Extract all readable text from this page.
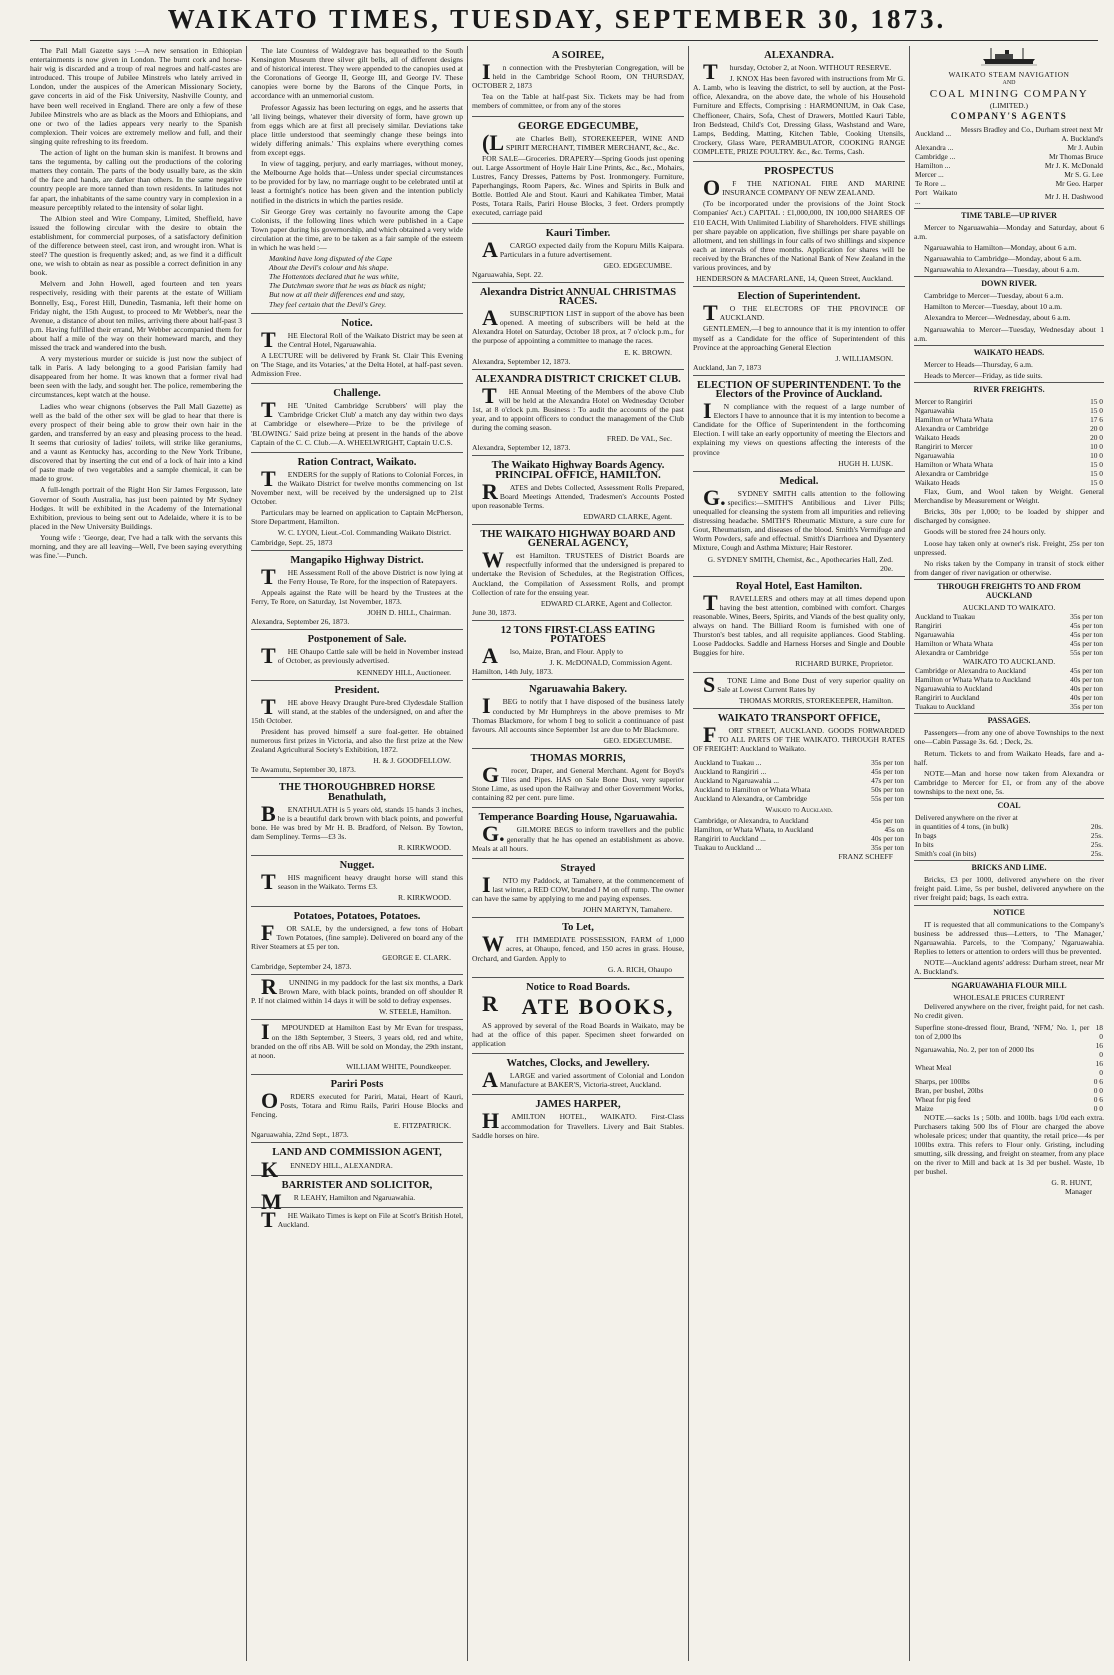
WAIKATO TIMES, TUESDAY, SEPTEMBER 30, 1873.

The Pall Mall Gazette says :—A new sensation in Ethiopian entertainments is now given in London. The burnt cork and horse-hair wig is discarded and a troup of real negroes and half-castes are introduced. This troupe of Jubilee Minstrels who lately arrived in London, under the auspices of the American Missionary Society, gave concerts in aid of the Fisk University, Nashville County, and have been well received in England. There are only a few of these Jubilee Minstrels who are as black as the Moors and Ethiopians, and one or two of the ladies appears very nearly to the Spanish complexion. Their voices are extremely mellow and full, and their singing quite refreshing to its freedom.

The action of light on the human skin is manifest. It browns and tans the tegumenta, by calling out the productions of the coloring matters they contain. The parts of the body usually bare, as the skin of the face and hands, are darker than others. In the same negative country people are more tanned than town residents. In latitudes not far apart, the inhabitants of the same country vary in complexion in a measure perceptibly related to the intensity of solar light.

The Albion steel and Wire Company, Limited, Sheffield, have issued the following circular with the desire to obtain the establishment, for commercial purposes, of a satisfactory definition of the difference between steel, cast iron, and wrought iron. What is steel? The question is frequently asked; and, as we find it a difficult one, we wish to obtain as near as possible a correct definition in any book.

Melvern and John Howell, aged fourteen and ten years respectively, residing with their parents at the estate of William Bonnelly, Esq., Forest Hill, Dunedin, Tasmania, left their home on Friday night, the 15th August, to proceed to Mr Webber's, near the Avenue, a distance of about ten miles, arriving there about half-past 3 p.m. Having fulfilled their errand, Mr Webber accompanied them for about half a mile of the way on their homeward march, and they missed the track and wandered into the bush.

A very mysterious murder or suicide is just now the subject of talk in Paris. A lady belonging to a good Parisian family had disappeared from her home. It was known that a former rival had been seen with the lady, and sought her. The police, remembering the circumstances, kept watch at the house.

Ladies who wear chignons (observes the Pall Mall Gazette) as well as the bald of the other sex will be glad to hear that there is every prospect of their being able to grow their own hair in the garden, and transferred by an easy and pleasing process to the head. It seems that curiosity of ladies' toilets, will strike like geraniums, and a vaunt as Kentucky has, according to the New York Tribune, discovered that by inserting the cut end of a lock of hair into a kind of paste made of two vegetables and a sample chemical, it can be made to grow.

A full-length portrait of the Right Hon Sir James Fergusson, late Governor of South Australia, has just been painted by Mr Sydney Hodges. It will be exhibited in the Academy of the International Exhibition, previous to being sent out to Adelaide, where it is to be placed in the New University Buildings.

Young wife : 'George, dear, I've had a talk with the servants this morning, and they are all leaving—Well, I've been saying everything was fine.'—Punch.

The late Countess of Waldegrave has bequeathed to the South Kensington Museum three silver gilt bells, all of different designs and of historical interest. They were appended to the canopies used at the Coronations of George II, George III, and George IV. These canopies were borne by the Barons of the Cinque Ports, in accordance with an unmemorial custom.

Professor Agassiz has been lecturing on eggs, and he asserts that 'all living beings, whatever their diversity of form, have grown up from eggs which are at first all precisely similar. Deviations take place little understood that seemingly change these beings into widely differing animals.' This explains where everything comes from except eggs.

In view of tagging, perjury, and early marriages, without money, the Melbourne Age holds that—Unless under special circumstances to be provided for by law, no marriage ought to be celebrated until at least a fortnight's notice has been given and the intention publicly notified in the districts in which the parties reside.

Sir George Grey was certainly no favourite among the Cape Colonists, if the following lines which were published in a Cape Town paper during his governorship, and which obtained a very wide circulation at the time, are to be taken as a fair sample of the esteem in which he was held :—

Mankind have long disputed of the Cape
About the Devil's colour and his shape.
The Hottentots declared that he was white,
The Dutchman swore that he was as black as night;
But now at all their differences end and stay,
They feel certain that the Devil's Grey.
Notice.

THE Electoral Roll of the Waikato District may be seen at the Central Hotel, Ngaruawahia.

A LECTURE will be delivered by Frank St. Clair This Evening on 'The Stage, and its Votaries,' at the Delta Hotel, at half-past seven. Admission Free.

Challenge.

THE 'United Cambridge Scrubbers' will play the 'Cambridge Cricket Club' a match any day within two days at Cambridge or elsewhere—Prize to be the privilege of 'BLOWING.' Said prize being at present in the hands of the above Captain of the C. C. Club.—A. WHEELWRIGHT, Captain U.C.S.

Ration Contract, Waikato.

TENDERS for the supply of Rations to Colonial Forces, in the Waikato District for twelve months commencing on 1st November next, will be received by the undersigned up to 21st October.

Particulars may be learned on application to Captain McPherson, Store Department, Hamilton.

W. C. LYON, Lieut.-Col. Commanding Waikato District.
Cambridge, Sept. 25, 1873
Mangapiko Highway District.

THE Assessment Roll of the above District is now lying at the Ferry House, Te Rore, for the inspection of Ratepayers.

Appeals against the Rate will be heard by the Trustees at the Ferry, Te Rore, on Saturday, 1st November, 1873.

JOHN D. HILL, Chairman.
Alexandra, September 26, 1873.
Postponement of Sale.

THE Ohaupo Cattle sale will be held in November instead of October, as previously advertised.

KENNEDY HILL, Auctioneer.
President.

THE above Heavy Draught Pure-bred Clydesdale Stallion will stand, at the stables of the undersigned, on and after the 15th October.

President has proved himself a sure foal-getter. He obtained numerous first prizes in Victoria, and also the first prize at the New Zealand Agricultural Society's Exhibition, 1872.

H. & J. GOODFELLOW.
Te Awamutu, September 30, 1873.
THE THOROUGHBRED HORSE Benathulath,

BENATHULATH is 5 years old, stands 15 hands 3 inches, he is a beautiful dark brown with black points, and powerful bone. He was bred by Mr H. B. Bradford, of Nelson. By Towton, dam Sempliney. Terms—£3 3s.

R. KIRKWOOD.
Nugget.

THIS magnificent heavy draught horse will stand this season in the Waikato. Terms £3.

R. KIRKWOOD.
Potatoes, Potatoes, Potatoes.

FOR SALE, by the undersigned, a few tons of Hobart Town Potatoes, (fine sample). Delivered on board any of the River Steamers at £5 per ton.

GEORGE E. CLARK.
Cambridge, September 24, 1873.

RUNNING in my paddock for the last six months, a Dark Brown Mare, with black points, branded on off shoulder R P. If not claimed within 14 days it will be sold to defray expenses.

W. STEELE, Hamilton.

IMPOUNDED at Hamilton East by Mr Evan for trespass, on the 18th September, 3 Steers, 3 years old, red and white, branded on the off ribs AB. Will be sold on Monday, the 29th instant, at noon.

WILLIAM WHITE, Poundkeeper.
Pariri Posts

ORDERS executed for Pariri, Matai, Heart of Kauri, Posts, Totara and Rimu Rails, Pariri House Blocks and Fencing.

E. FITZPATRICK.
Ngaruawahia, 22nd Sept., 1873.
LAND AND COMMISSION AGENT,

KENNEDY HILL, ALEXANDRA.

BARRISTER AND SOLICITOR,

MR LEAHY, Hamilton and Ngaruawahia.

THE Waikato Times is kept on File at Scott's British Hotel, Auckland.

A SOIREE,

In connection with the Presbyterian Congregation, will be held in the Cambridge School Room, ON THURSDAY, OCTOBER 2, 1873

Tea on the Table at half-past Six. Tickets may be had from members of committee, or from any of the stores

GEORGE EDGECUMBE,

(Late Charles Bell), STOREKEEPER, WINE AND SPIRIT MERCHANT, TIMBER MERCHANT, &c., &c.

FOR SALE—Groceries. DRAPERY—Spring Goods just opening out. Large Assortment of Hoyle Hair Line Prints, &c., &c., Mohairs, Lustres, Fancy Dresses, Patterns by Post. Ironmongery. Furniture, Paperhangings, Room Papers, &c. Wines and Spirits in Bulk and Bottle. Bottled Ale and Stout. Kauri and Kahikatea Timber, Matai Posts, Totara Rails, Pariri House Blocks, 3 feet. Orders promptly executed, carriage paid

Kauri Timber.

ACARGO expected daily from the Kopuru Mills Kaipara. Particulars in a future advertisement.

GEO. EDGECUMBE.
Ngaruawahia, Sept. 22.
Alexandra District ANNUAL CHRISTMAS RACES.

ASUBSCRIPTION LIST in support of the above has been opened. A meeting of subscribers will be held at the Alexandra Hotel on Saturday, October 18 prox, at 7 o'clock p.m., for the purpose of appointing a committee to manage the races.

E. K. BROWN.
Alexandra, September 12, 1873.
ALEXANDRA DISTRICT CRICKET CLUB.

THE Annual Meeting of the Members of the above Club will be held at the Alexandra Hotel on Wednesday October 1st, at 8 o'clock p.m. Business : To audit the accounts of the past year, and to appoint officers to conduct the management of the Club during the coming season.

FRED. De VAL, Sec.
Alexandra, September 12, 1873.
The Waikato Highway Boards Agency. PRINCIPAL OFFICE, HAMILTON.

RATES and Debts Collected, Assessment Rolls Prepared, Board Meetings Attended, Tradesmen's Accounts Posted upon reasonable Terms.

EDWARD CLARKE, Agent.
THE WAIKATO HIGHWAY BOARD AND GENERAL AGENCY,

West Hamilton. TRUSTEES of District Boards are respectfully informed that the undersigned is prepared to undertake the Revision of Schedules, at the Registration Offices, Auckland, the Compilation of Assessment Rolls, and prompt Collection of rate for the ensuing year.

EDWARD CLARKE, Agent and Collector.
June 30, 1873.
12 TONS FIRST-CLASS EATING POTATOES

Also, Maize, Bran, and Flour. Apply to

J. K. McDONALD, Commission Agent.
Hamilton, 14th July, 1873.
Ngaruawahia Bakery.

IBEG to notify that I have disposed of the business lately conducted by Mr Humphreys in the above premises to Mr Thomas Blackmore, for whom I beg to solicit a continuance of past favours. All accounts since September 1st are due to Mr Blackmore.

GEO. EDGECUMBE.
THOMAS MORRIS,

Grocer, Draper, and General Merchant. Agent for Boyd's Tiles and Pipes. HAS on Sale Bone Dust, very superior Stone Lime, as used upon the Railway and other Government Works, containing 82 per cent. pure lime.

Temperance Boarding House, Ngaruawahia.

G.GILMORE BEGS to inform travellers and the public generally that he has opened an establishment as above. Meals at all hours.

Strayed

INTO my Paddock, at Tamahere, at the commencement of last winter, a RED COW, branded J M on off rump. The owner can have the same by applying to me and paying expenses.

JOHN MARTYN, Tamahere.
To Let,

WITH IMMEDIATE POSSESSION, FARM of 1,000 acres, at Ohaupo, fenced, and 150 acres in grass. House, Orchard, and Garden. Apply to

G. A. RICH, Ohaupo
Notice to Road Boards.

RATE BOOKS,

AS approved by several of the Road Boards in Waikato, may be had at the office of this paper. Specimen sheet forwarded on application

Watches, Clocks, and Jewellery.

ALARGE and varied assortment of Colonial and London Manufacture at BAKER'S, Victoria-street, Auckland.

JAMES HARPER,

HAMILTON HOTEL, WAIKATO. First-Class accommodation for Travellers. Livery and Bait Stables. Saddle horses on hire.

ALEXANDRA.

Thursday, October 2, at Noon. WITHOUT RESERVE.

J. KNOX Has been favored with instructions from Mr G. A. Lamb, who is leaving the district, to sell by auction, at the Post-office, Alexandra, on the above date, the whole of his Household Furniture and Effects, Comprising : HARMONIUM, in Oak Case, Cheffioneer, Chairs, Sofa, Chest of Drawers, Mottled Kauri Table, Iron Bedstead, Child's Cot, Dressing Glass, Washstand and Ware, Lamps, Bedding, Matting, Kitchen Table, Cooking Utensils, Crockery, Glass Ware, PERAMBULATOR, COOKING RANGE COMPLETE, PRIZE POULTRY. &c., &c. Terms, Cash.

PROSPECTUS

OF THE NATIONAL FIRE AND MARINE INSURANCE COMPANY OF NEW ZEALAND.

(To be incorporated under the provisions of the Joint Stock Companies' Act.) CAPITAL : £1,000,000, IN 100,000 SHARES OF £10 EACH, With Unlimited Liability of Shareholders. FIVE shillings per share payable on application, five shillings per share payable on allotment, and ten shillings in four calls of two shillings and sixpence each at intervals of three months. Application for shares will be received by the Branches of the National Bank of New Zealand in the various provinces, and by

HENDERSON & MACFARLANE, 14, Queen Street, Auckland.
Election of Superintendent.

TO THE ELECTORS OF THE PROVINCE OF AUCKLAND.

GENTLEMEN,—I beg to announce that it is my intention to offer myself as a Candidate for the office of Superintendent of this Province at the approaching General Election

J. WILLIAMSON.
Auckland, Jan 7, 1873
ELECTION OF SUPERINTENDENT. To the Electors of the Province of Auckland.

IN compliance with the request of a large number of Electors I have to announce that it is my intention to become a Candidate for the Office of Superintendent in the forthcoming Election. I will take an early opportunity of meeting the Electors and explaining my views on questions affecting the interests of the province

HUGH H. LUSK.
Medical.

G.SYDNEY SMITH calls attention to the following specifics:—SMITH'S Antibilious and Liver Pills; unequalled for cleansing the system from all impurities and relieving distressing headache. SMITH'S Rheumatic Mixture, a sure cure for Gout, Rheumatism, and diseases of the blood. Smith's Vermifuge and Worm Powders, safe and effectual. Smith's Diarrhoea and Dysentery Mixture, Cough and Asthma Mixture; Hair Restorer.

G. SYDNEY SMITH, Chemist, &c., Apothecaries Hall, Zed. 20e.
Royal Hotel, East Hamilton.

TRAVELLERS and others may at all times depend upon having the best attention, combined with comfort. Charges reasonable. Wines, Beers, Spirits, and Viands of the best quality only, always on hand. The Billiard Room is furnished with one of Thurston's best tables, and all requisite appliances. Good Stabling. Loose Paddocks. Saddle and Harness Horses and Single and Double Buggies for hire.

RICHARD BURKE, Proprietor.

STONE Lime and Bone Dust of very superior quality on Sale at Lowest Current Rates by

THOMAS MORRIS, STOREKEEPER, Hamilton.
WAIKATO TRANSPORT OFFICE,

FORT STREET, AUCKLAND. GOODS FORWARDED TO ALL PARTS OF THE WAIKATO. THROUGH RATES OF FREIGHT: Auckland to Waikato.

Auckland to Tuakau ...	35s per ton
Auckland to Rangiriri ...	45s per ton
Auckland to Ngaruawahia ...	47s per ton
Auckland to Hamilton or Whata Whata	50s per ton
Auckland to Alexandra, or Cambridge	55s per ton
Waikato to Auckland.
Cambridge, or Alexandra, to Auckland	45s per ton
Hamilton, or Whata Whata, to Auckland	45s on
Rangiriri to Auckland ...	40s per ton
Tuakau to Auckland ...	35s per ton
FRANZ SCHEFF
WAIKATO STEAM NAVIGATION
AND
COAL MINING COMPANY
(LIMITED.)
COMPANY'S AGENTS
Auckland ...	Messrs Bradley and Co., Durham street next Mr A. Buckland's
Alexandra ...	Mr J. Aubin
Cambridge ...	Mr Thomas Bruce
Hamilton ...	Mr J. K. McDonald
Mercer ...	Mr S. G. Lee
Te Rore ...	Mr Geo. Harper
Port Waikato ...	Mr J. H. Dashwood
TIME TABLE—UP RIVER

Mercer to Ngaruawahia—Monday and Saturday, about 6 a.m.

Ngaruawahia to Hamilton—Monday, about 6 a.m.

Ngaruawahia to Cambridge—Monday, about 6 a.m.

Ngaruawahia to Alexandra—Tuesday, about 6 a.m.

DOWN RIVER.

Cambridge to Mercer—Tuesday, about 6 a.m.

Hamilton to Mercer—Tuesday, about 10 a.m.

Alexandra to Mercer—Wednesday, about 6 a.m.

Ngaruawahia to Mercer—Tuesday, Wednesday about 1 a.m.

WAIKATO HEADS.

Mercer to Heads—Thursday, 6 a.m.

Heads to Mercer—Friday, as tide suits.

RIVER FREIGHTS.
Mercer to Rangiriri	15 0
Ngaruawahia	15 0
Hamilton or Whata Whata	17 6
Alexandra or Cambridge	20 0
Waikato Heads	20 0
Rangiriri to Mercer	10 0
Ngaruawahia	10 0
Hamilton or Whata Whata	15 0
Alexandra or Cambridge	15 0
Waikato Heads	15 0

Flax, Gum, and Wool taken by Weight. General Merchandise by Measurement or Weight.

Bricks, 30s per 1,000; to be loaded by shipper and discharged by consignee.

Goods will be stored free 24 hours only.

Loose hay taken only at owner's risk. Freight, 25s per ton unpressed.

No risks taken by the Company in transit of stock either from danger of river navigation or otherwise.

THROUGH FREIGHTS TO AND FROM AUCKLAND
AUCKLAND TO WAIKATO.
Auckland to Tuakau	35s per ton
Rangiriri	45s per ton
Ngaruawahia	45s per ton
Hamilton or Whata Whata	45s per ton
Alexandra or Cambridge	55s per ton
WAIKATO TO AUCKLAND.
Cambridge or Alexandra to Auckland	45s per ton
Hamilton or Whata Whata to Auckland	40s per ton
Ngaruawahia to Auckland	40s per ton
Rangiriri to Auckland	40s per ton
Tuakau to Auckland	35s per ton
PASSAGES.

Passengers—from any one of above Townships to the next one—Cabin Passage 3s. 6d. ; Deck, 2s.

Return. Tickets to and from Waikato Heads, fare and a-half.

NOTE—Man and horse now taken from Alexandra or Cambridge to Mercer for £1, or from any of the above townships to the next one, 5s.

COAL
Delivered anywhere on the river at	
in quantities of 4 tons, (in bulk)	20s.
In bags	25s.
In bits	25s.
Smith's coal (in bits)	25s.
BRICKS AND LIME.

Bricks, £3 per 1000, delivered anywhere on the river freight paid. Lime, 5s per bushel, delivered anywhere on the river freight paid; bags, 1s each extra.

NOTICE

IT is requested that all communications to the Company's business be addressed thus—Letters, to 'The Manager,' Ngaruawahia. Parcels, to the 'Company,' Ngaruawahia. Replies to letters or attention to orders will thus be prevented.

NOTE—Auckland agents' address: Durham street, near Mr A. Buckland's.

NGARUAWAHIA FLOUR MILL
WHOLESALE PRICES CURRENT

Delivered anywhere on the river, freight paid, for net cash. No credit given.

Superfine stone-dressed flour, Brand, 'NFM,' No. 1, per ton of 2,000 lbs	18 0
Ngaruawahia, No. 2, per ton of 2000 lbs	16 0
Wheat Meal	16 0
Sharps, per 100lbs	0 6
Bran, per bushel, 20lbs	0 0
Wheat for pig feed	0 6
Maize	0 0

NOTE.—sacks 1s ; 50lb. and 100lb. bags 1/0d each extra. Purchasers taking 500 lbs of Flour are charged the above wholesale prices; under that quantity, the retail price—4s per 100lbs extra. This refers to Flour only. Gristing, including smutting, silk dressing, and freight on steamer, from any place on the river to Mill and back at 1s 3d per bushel. Waste, 1b per bushel.

G. R. HUNT,
Manager
